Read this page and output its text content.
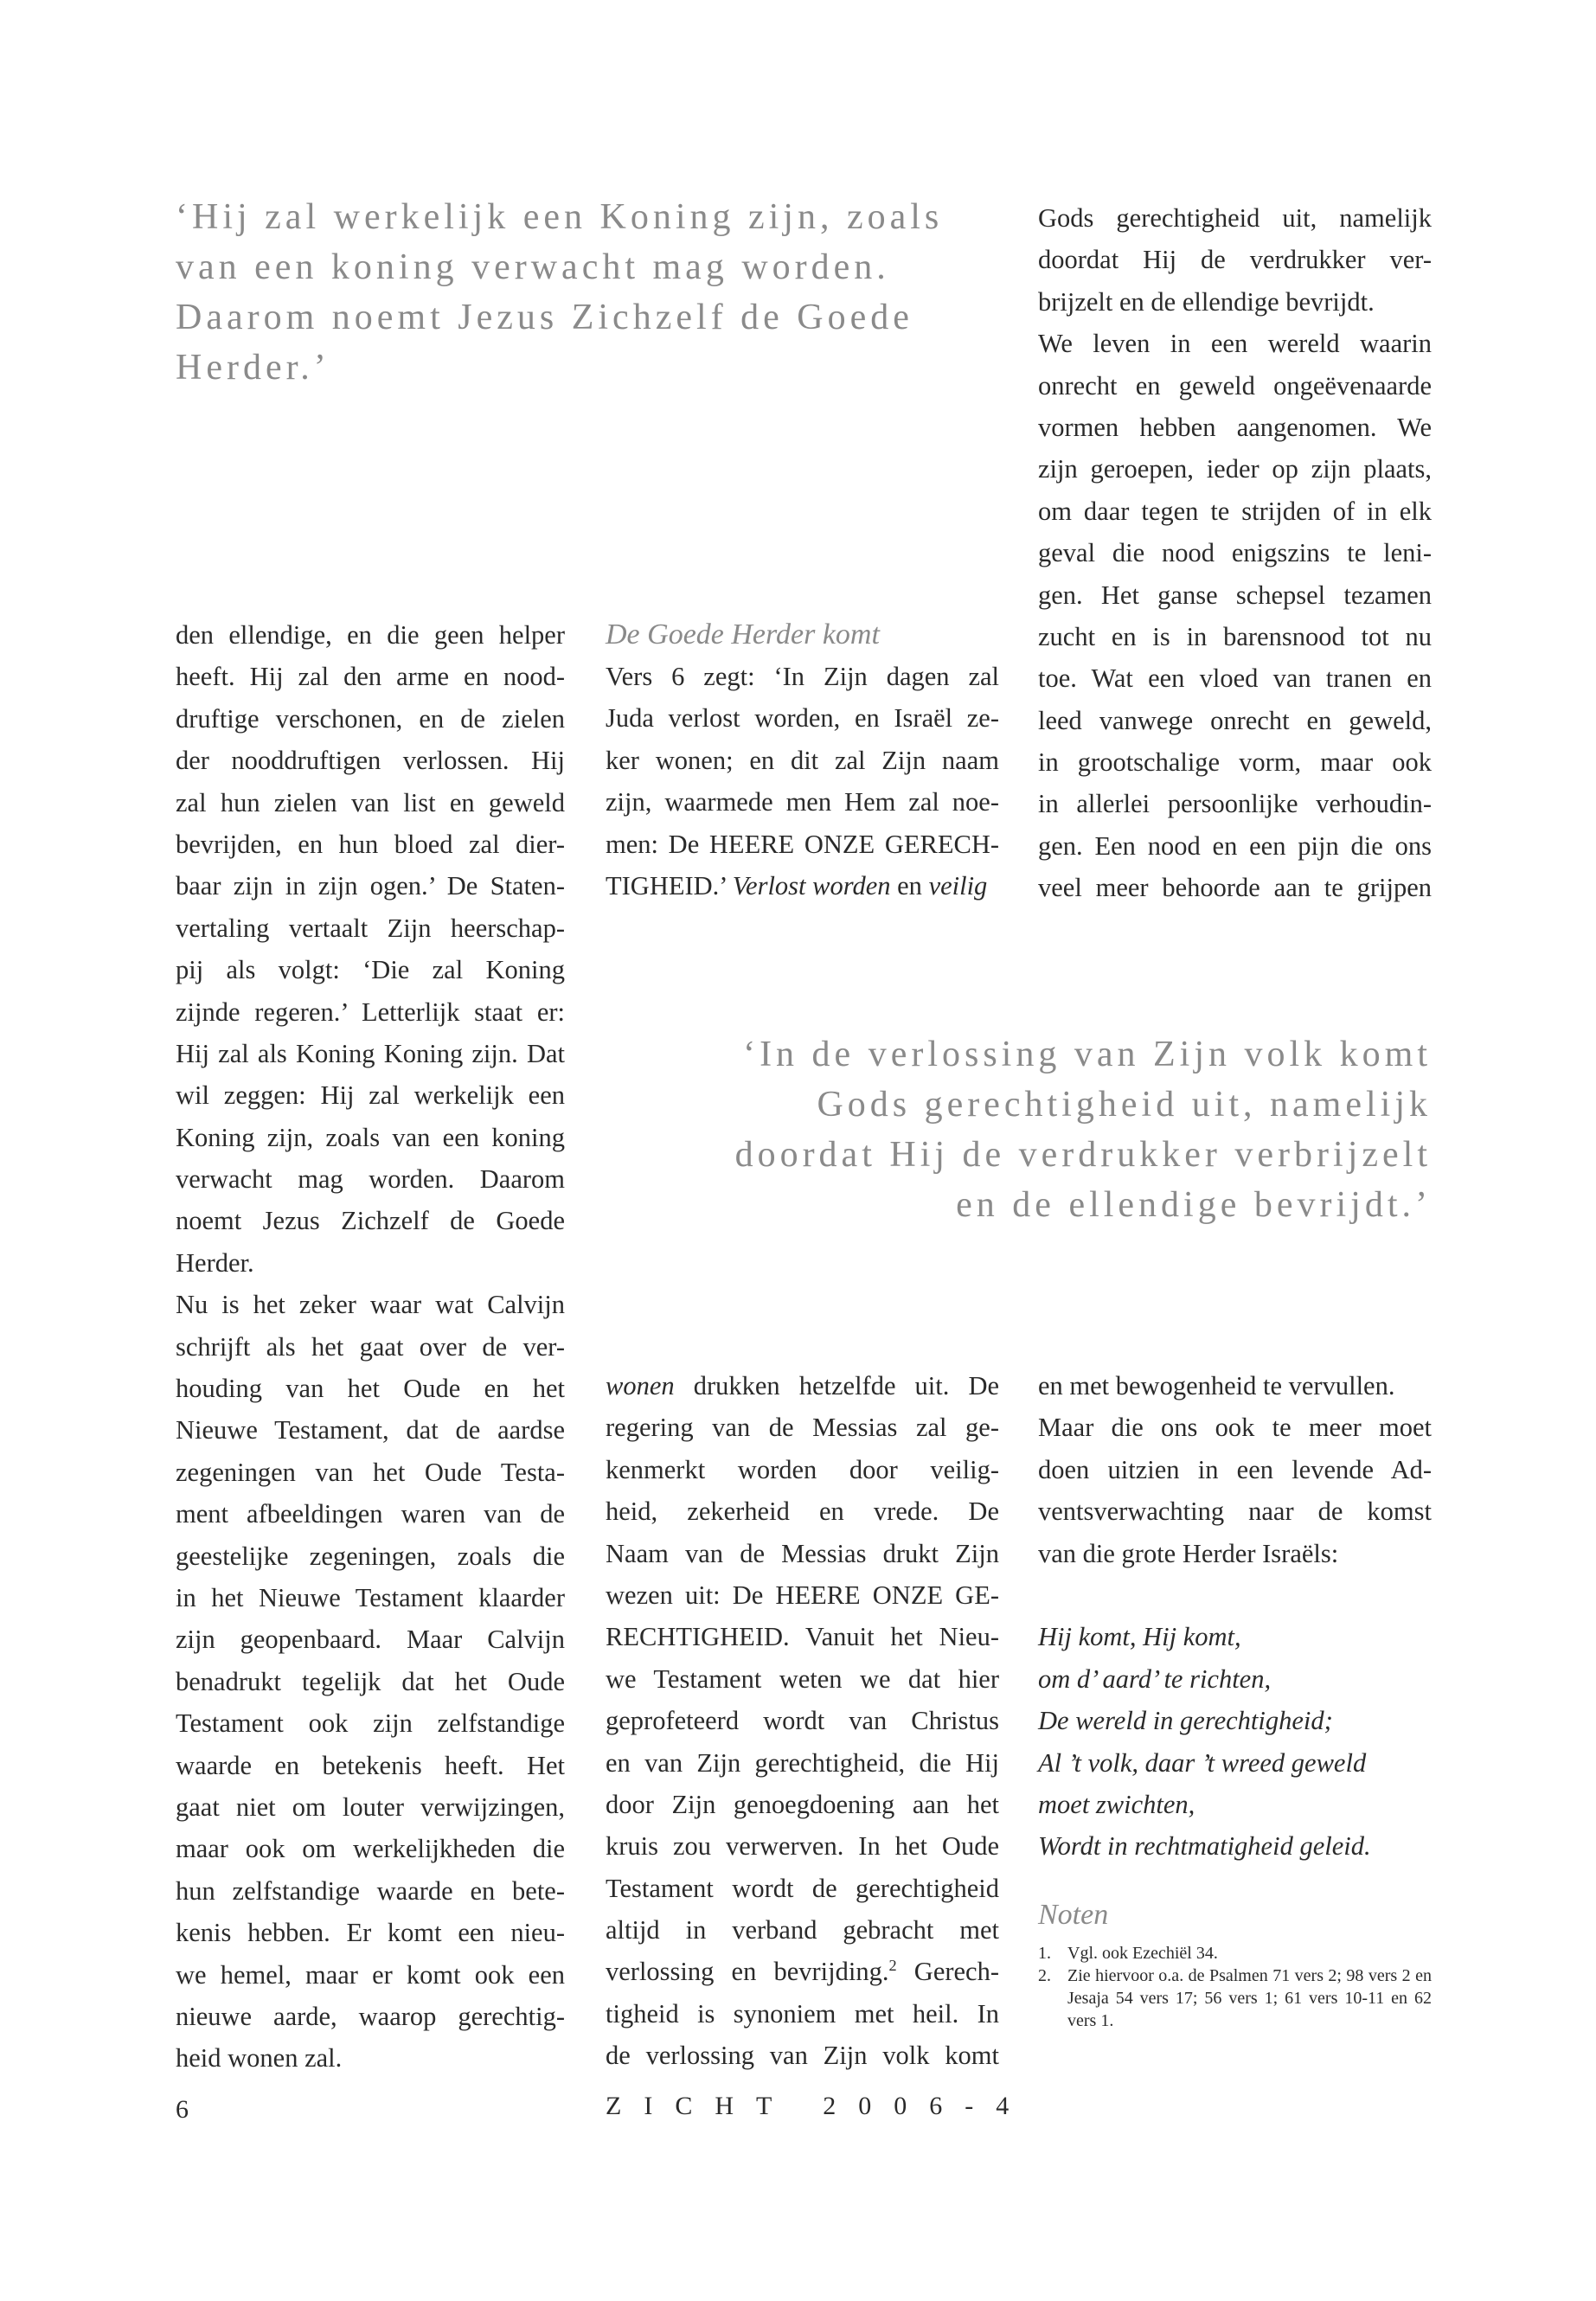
‘Hij zal werkelijk een Koning zijn, zoals
van een koning verwacht mag worden.
Daarom noemt Jezus Zichzelf de Goede
Herder.’
‘In de verlossing van Zijn volk komt
Gods gerechtigheid uit, namelijk
doordat Hij de verdrukker verbrijzelt
en de ellendige bevrijdt.’
den ellendige, en die geen helper
heeft. Hij zal den arme en nood-
druftige verschonen, en de zielen
der nooddruftigen verlossen. Hij
zal hun zielen van list en geweld
bevrijden, en hun bloed zal dier-
baar zijn in zijn ogen.’ De Staten-
vertaling vertaalt Zijn heerschap-
pij als volgt: ‘Die zal Koning
zijnde regeren.’ Letterlijk staat er:
Hij zal als Koning Koning zijn. Dat
wil zeggen: Hij zal werkelijk een
Koning zijn, zoals van een koning
verwacht mag worden. Daarom
noemt Jezus Zichzelf de Goede
Herder.
Nu is het zeker waar wat Calvijn
schrijft als het gaat over de ver-
houding van het Oude en het
Nieuwe Testament, dat de aardse
zegeningen van het Oude Testa-
ment afbeeldingen waren van de
geestelijke zegeningen, zoals die
in het Nieuwe Testament klaarder
zijn geopenbaard. Maar Calvijn
benadrukt tegelijk dat het Oude
Testament ook zijn zelfstandige
waarde en betekenis heeft. Het
gaat niet om louter verwijzingen,
maar ook om werkelijkheden die
hun zelfstandige waarde en bete-
kenis hebben. Er komt een nieu-
we hemel, maar er komt ook een
nieuwe aarde, waarop gerechtig-
heid wonen zal.
De Goede Herder komt
Vers 6 zegt: ‘In Zijn dagen zal
Juda verlost worden, en Israël ze-
ker wonen; en dit zal Zijn naam
zijn, waarmede men Hem zal noe-
men: De HEERE ONZE GERECH-
TIGHEID.’ Verlost worden en veilig
Gods gerechtigheid uit, namelijk
doordat Hij de verdrukker ver-
brijzelt en de ellendige bevrijdt.
We leven in een wereld waarin
onrecht en geweld ongeëvenaarde
vormen hebben aangenomen. We
zijn geroepen, ieder op zijn plaats,
om daar tegen te strijden of in elk
geval die nood enigszins te leni-
gen. Het ganse schepsel tezamen
zucht en is in barensnood tot nu
toe. Wat een vloed van tranen en
leed vanwege onrecht en geweld,
in grootschalige vorm, maar ook
in allerlei persoonlijke verhoudin-
gen. Een nood en een pijn die ons
veel meer behoorde aan te grijpen
wonen drukken hetzelfde uit. De
regering van de Messias zal ge-
kenmerkt worden door veilig-
heid, zekerheid en vrede. De
Naam van de Messias drukt Zijn
wezen uit: De HEERE ONZE GE-
RECHTIGHEID. Vanuit het Nieu-
we Testament weten we dat hier
geprofeteerd wordt van Christus
en van Zijn gerechtigheid, die Hij
door Zijn genoegdoening aan het
kruis zou verwerven. In het Oude
Testament wordt de gerechtigheid
altijd in verband gebracht met
verlossing en bevrijding.$^2$ Gerech-
tigheid is synoniem met heil. In
de verlossing van Zijn volk komt
en met bewogenheid te vervullen.
Maar die ons ook te meer moet
doen uitzien in een levende Ad-
ventsverwachting naar de komst
van die grote Herder Israëls:
Hij komt, Hij komt,
om d’ aard’ te richten,
De wereld in gerechtigheid;
Al ’t volk, daar ’t wreed geweld
moet zwichten,
Wordt in rechtmatigheid geleid.
Noten
1. Vgl. ook Ezechiël 34.
2. Zie hiervoor o.a. de Psalmen 71 vers 2; 98 vers 2 en Jesaja 54 vers 17; 56 vers 1; 61 vers 10-11 en 62 vers 1.
6	ZICHT 2006-4
